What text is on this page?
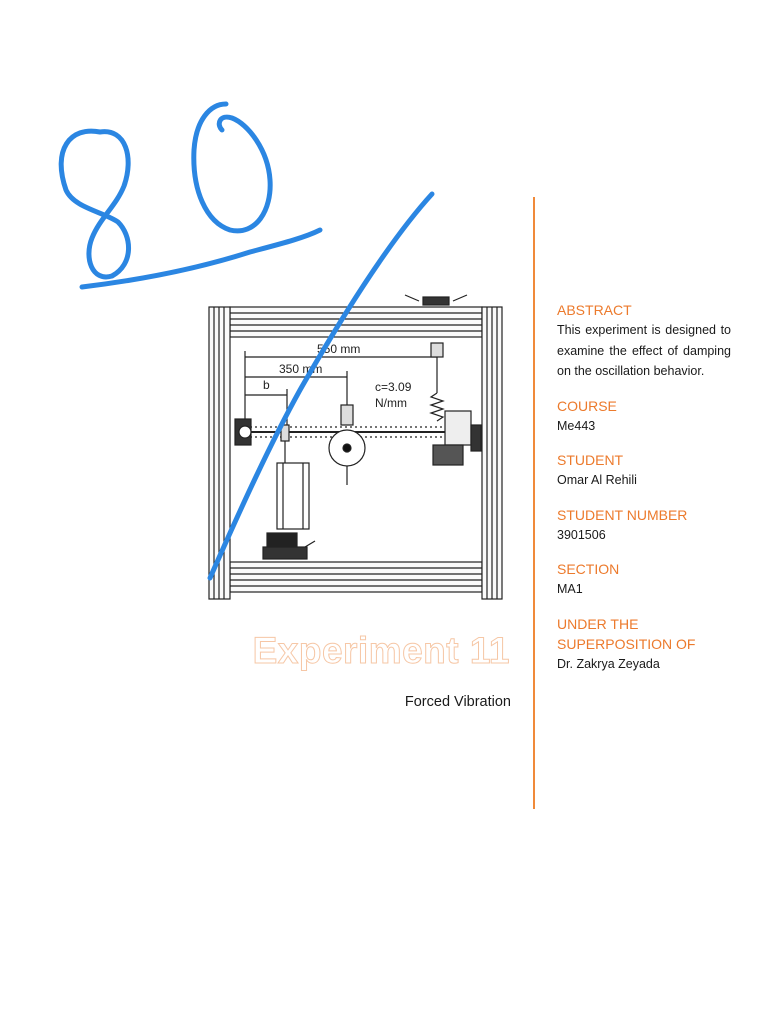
550 mm
350 mm
b	c=3.09
N/mm
Experiment 11
Forced Vibration
ABSTRACT
This experiment is designed to examine the effect of damping on the oscillation behavior.
COURSE
Me443
STUDENT
Omar Al Rehili
STUDENT NUMBER
3901506
SECTION
MA1
UNDER THE SUPERPOSITION OF
Dr. Zakrya Zeyada
